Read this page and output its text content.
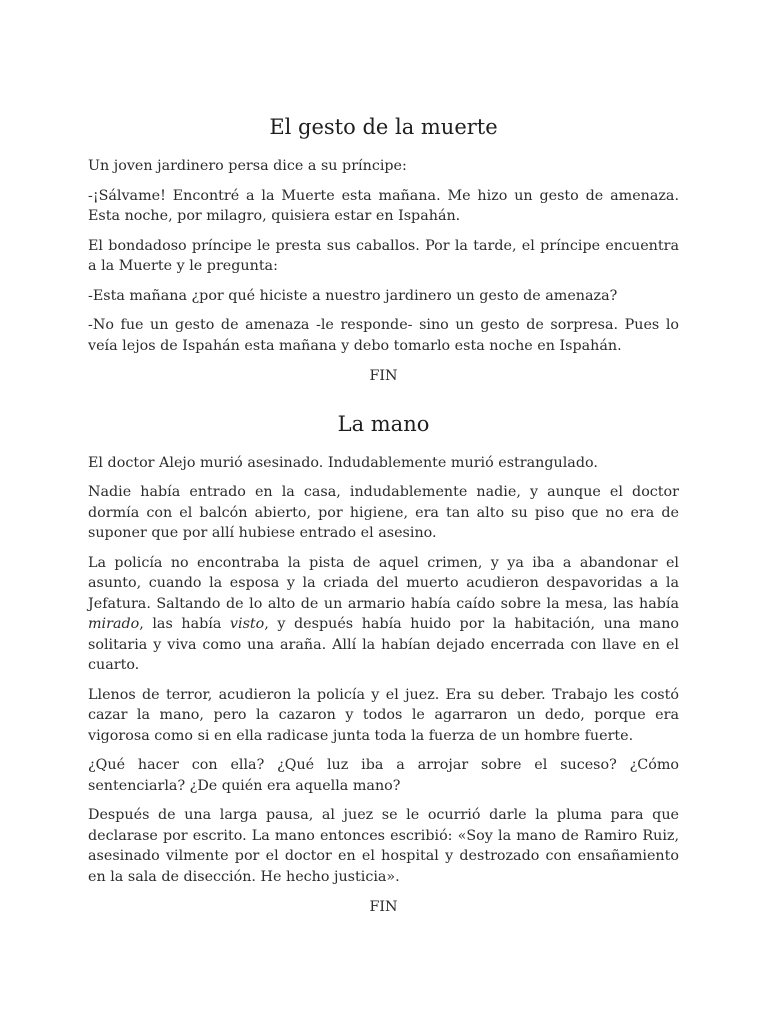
El gesto de la muerte

Un joven jardinero persa dice a su príncipe:

-¡Sálvame! Encontré a la Muerte esta mañana. Me hizo un gesto de amenaza. Esta noche, por milagro, quisiera estar en Ispahán.

El bondadoso príncipe le presta sus caballos. Por la tarde, el príncipe encuentra a la Muerte y le pregunta:

-Esta mañana ¿por qué hiciste a nuestro jardinero un gesto de amenaza?

-No fue un gesto de amenaza -le responde- sino un gesto de sorpresa. Pues lo veía lejos de Ispahán esta mañana y debo tomarlo esta noche en Ispahán.

FIN
La mano

El doctor Alejo murió asesinado. Indudablemente murió estrangulado.

Nadie había entrado en la casa, indudablemente nadie, y aunque el doctor dormía con el balcón abierto, por higiene, era tan alto su piso que no era de suponer que por allí hubiese entrado el asesino.

La policía no encontraba la pista de aquel crimen, y ya iba a abandonar el asunto, cuando la esposa y la criada del muerto acudieron despavoridas a la Jefatura. Saltando de lo alto de un armario había caído sobre la mesa, las había mirado, las había visto, y después había huido por la habitación, una mano solitaria y viva como una araña. Allí la habían dejado encerrada con llave en el cuarto.

Llenos de terror, acudieron la policía y el juez. Era su deber. Trabajo les costó cazar la mano, pero la cazaron y todos le agarraron un dedo, porque era vigorosa como si en ella radicase junta toda la fuerza de un hombre fuerte.

¿Qué hacer con ella? ¿Qué luz iba a arrojar sobre el suceso? ¿Cómo sentenciarla? ¿De quién era aquella mano?

Después de una larga pausa, al juez se le ocurrió darle la pluma para que declarase por escrito. La mano entonces escribió: «Soy la mano de Ramiro Ruiz, asesinado vilmente por el doctor en el hospital y destrozado con ensañamiento en la sala de disección. He hecho justicia».

FIN
